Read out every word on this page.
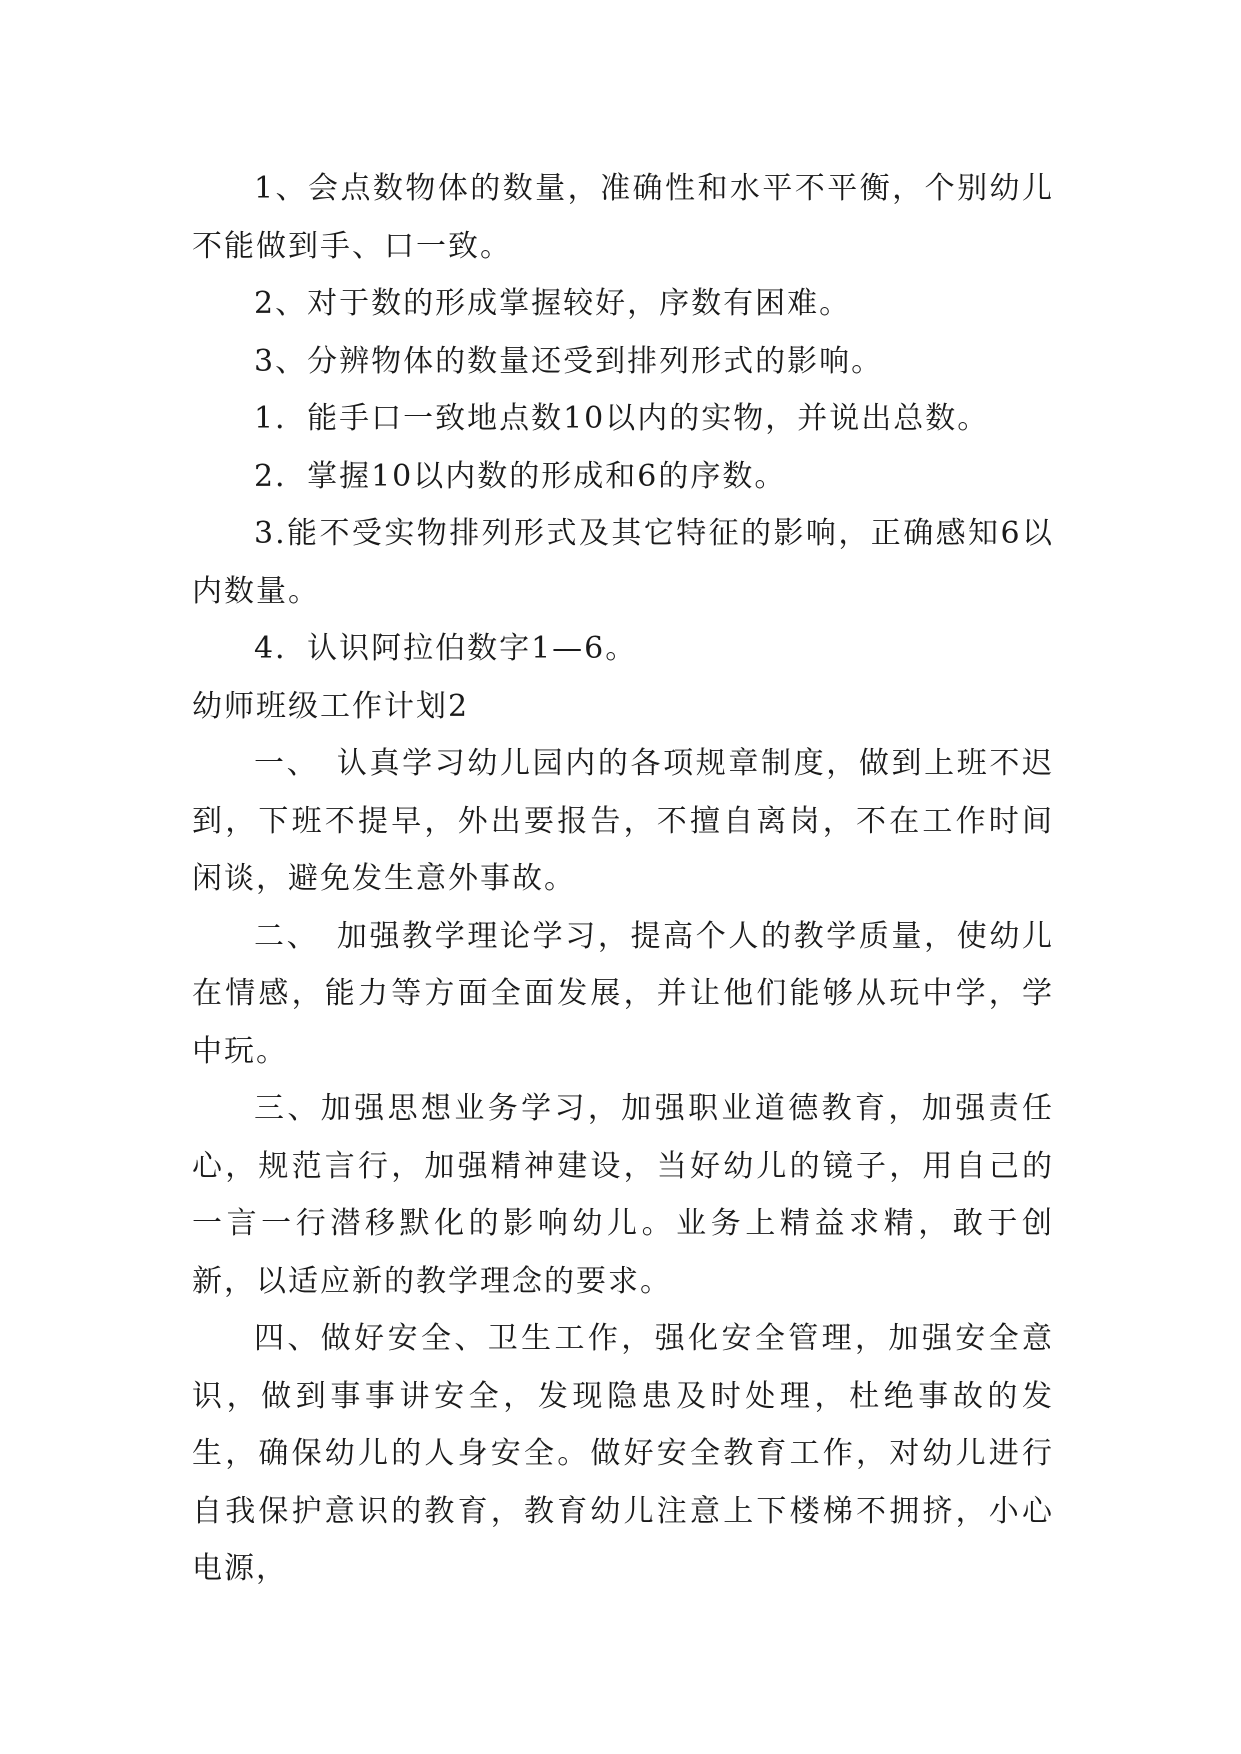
1、会点数物体的数量，准确性和水平不平衡，个别幼儿不能做到手、口一致。

2、对于数的形成掌握较好，序数有困难。

3、分辨物体的数量还受到排列形式的影响。

1．能手口一致地点数10以内的实物，并说出总数。

2．掌握10以内数的形成和6的序数。

3.能不受实物排列形式及其它特征的影响，正确感知6以内数量。

4．认识阿拉伯数字1—6。

幼师班级工作计划2

一、　认真学习幼儿园内的各项规章制度，做到上班不迟到，下班不提早，外出要报告，不擅自离岗，不在工作时间闲谈，避免发生意外事故。

二、　加强教学理论学习，提高个人的教学质量，使幼儿在情感，能力等方面全面发展，并让他们能够从玩中学，学中玩。

三、加强思想业务学习，加强职业道德教育，加强责任心，规范言行，加强精神建设，当好幼儿的镜子，用自己的一言一行潜移默化的影响幼儿。业务上精益求精，敢于创新，以适应新的教学理念的要求。

四、做好安全、卫生工作，强化安全管理，加强安全意识，做到事事讲安全，发现隐患及时处理，杜绝事故的发生，确保幼儿的人身安全。做好安全教育工作，对幼儿进行自我保护意识的教育，教育幼儿注意上下楼梯不拥挤，小心电源，
